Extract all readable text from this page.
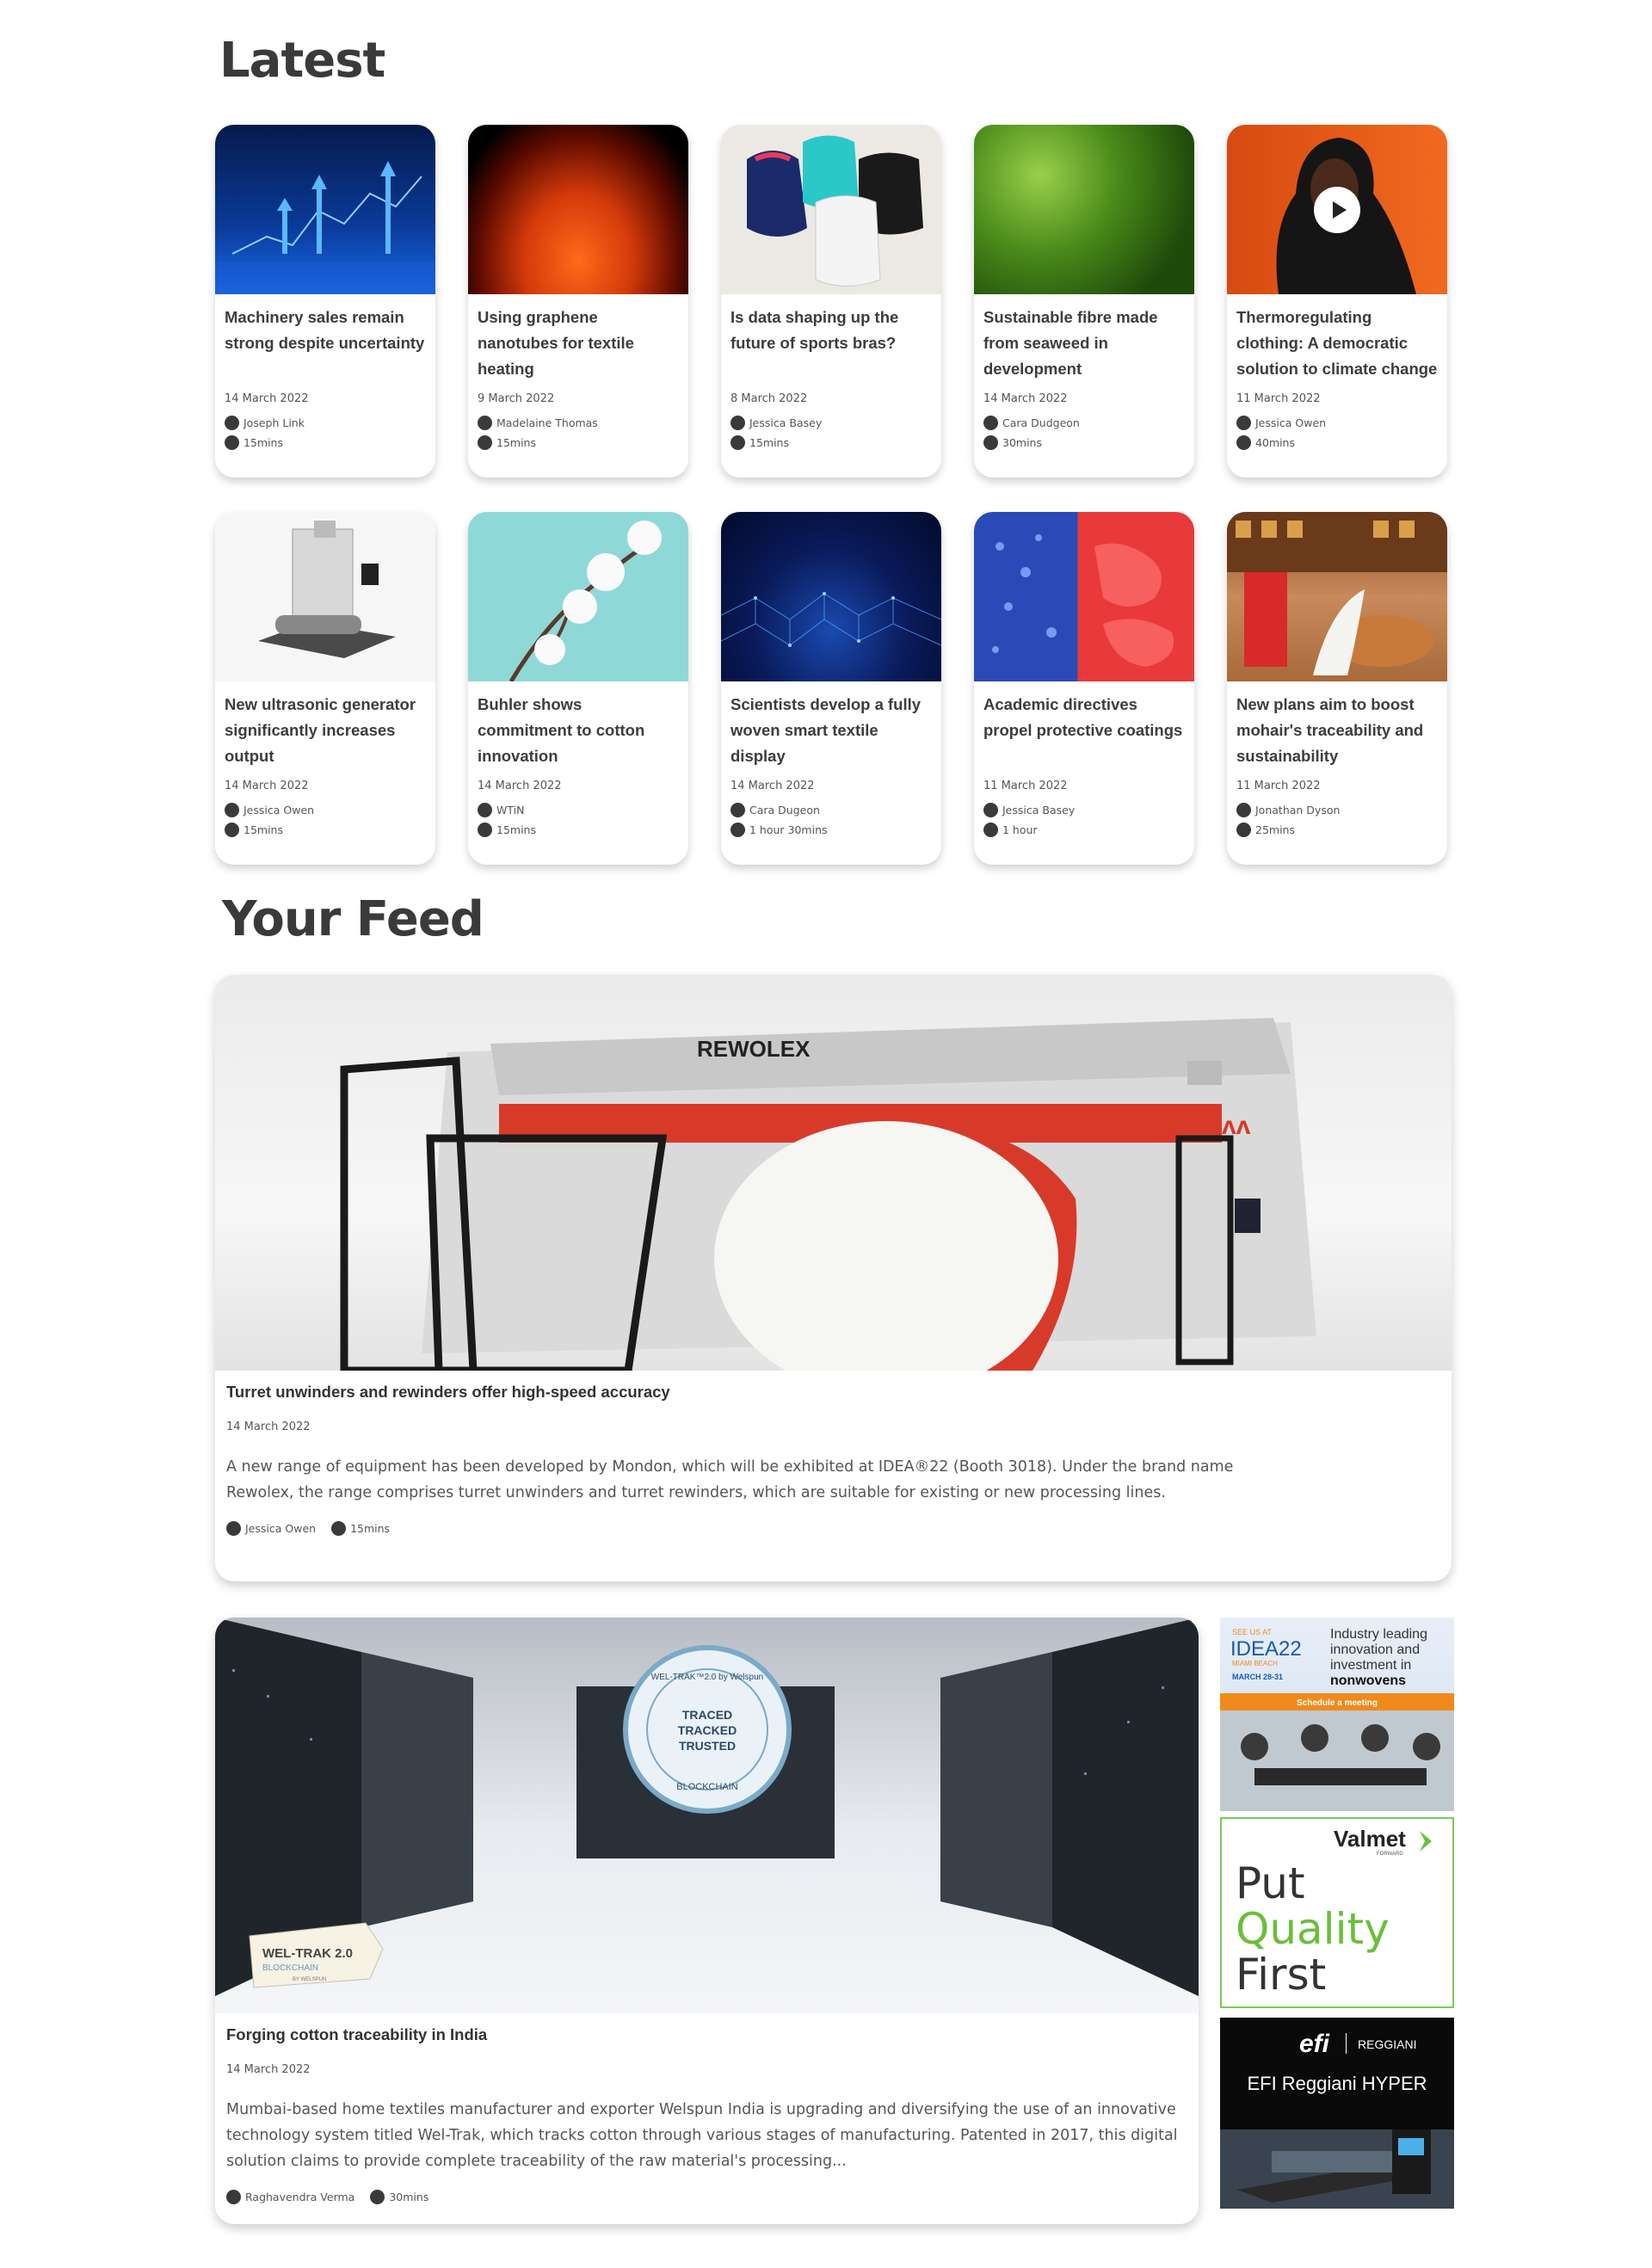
Latest
Machinery sales remain strong despite uncertainty
14 March 2022
Joseph Link
15mins
Using graphene nanotubes for textile heating
9 March 2022
Madelaine Thomas
15mins
Is data shaping up the future of sports bras?
8 March 2022
Jessica Basey
15mins
Sustainable fibre made from seaweed in development
14 March 2022
Cara Dudgeon
30mins
Thermoregulating clothing: A democratic solution to climate change
11 March 2022
Jessica Owen
40mins
New ultrasonic generator significantly increases output
14 March 2022
Jessica Owen
15mins
Buhler shows commitment to cotton innovation
14 March 2022
WTiN
15mins
Scientists develop a fully woven smart textile display
14 March 2022
Cara Dugeon
1 hour 30mins
Academic directives propel protective coatings
11 March 2022
Jessica Basey
1 hour
New plans aim to boost mohair's traceability and sustainability
11 March 2022
Jonathan Dyson
25mins
Your Feed
REWOLEX
ᴧᴧ
Turret unwinders and rewinders offer high-speed accuracy
14 March 2022
A new range of equipment has been developed by Mondon, which will be exhibited at IDEA®22 (Booth 3018). Under the brand name Rewolex, the range comprises turret unwinders and turret rewinders, which are suitable for existing or new processing lines.
Jessica Owen	15mins
TRACED
TRACKED
TRUSTED
WEL-TRAK™2.0 by Welspun
BLOCKCHAIN
WEL-TRAK 2.0
BLOCKCHAIN
BY WELSPUN
Forging cotton traceability in India
14 March 2022
Mumbai-based home textiles manufacturer and exporter Welspun India is upgrading and diversifying the use of an innovative technology system titled Wel-Trak, which tracks cotton through various stages of manufacturing. Patented in 2017, this digital solution claims to provide complete traceability of the raw material's processing...
Raghavendra Verma	30mins
SEE US AT
IDEA22
MIAMI BEACH
MARCH 28-31
Industry leading
innovation and
investment in
nonwovens
Schedule a meeting
Valmet
FORWARD
Put
Quality
First
efi REGGIANI
EFI Reggiani HYPER
